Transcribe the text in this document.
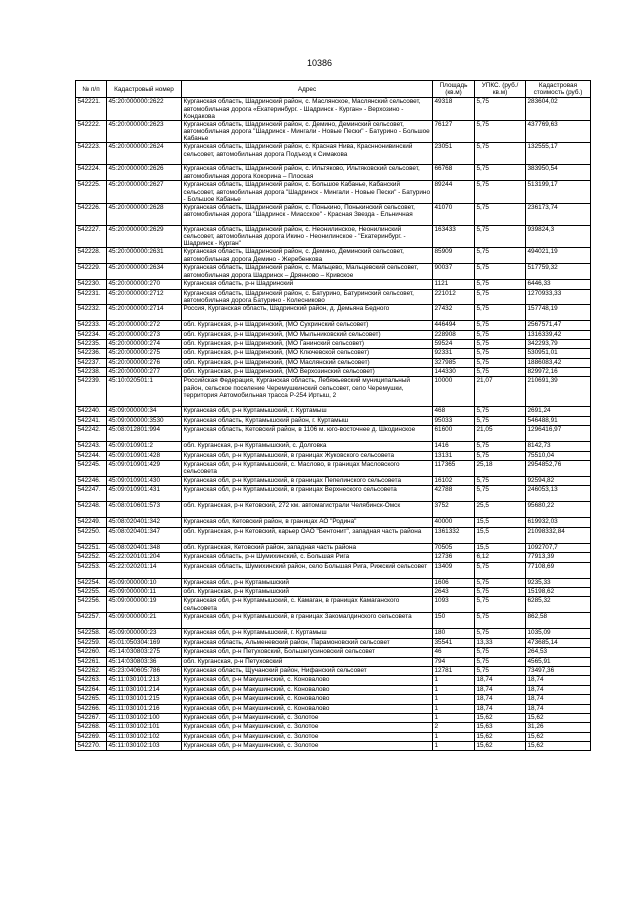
10386
№ п/п	Кадастровый номер	Адрес	Площадь (кв.м)	УПКС. (руб./кв.м)	Кадастровая стоимость (руб.)
542221.	45:20:000000:2622	Курганская область, Шадринский район, с. Маслянское, Маслянский сельсовет, автомобильная дорога «Екатеринбург. - Шадринск - Курган» - Верхозино - Кондакова	49318	5,75	283604,02
542222.	45:20:000000:2623	Курганская область, Шадринский район, с. Демино, Деминский сельсовет, автомобильная дорога "Шадринск - Мингали - Новые Пески" - Батурино - Большое Кабанье	76127	5,75	437769,63
542223.	45:20:000000:2624	Курганская область, Шадринский район, с. Красная Нива, Красннонивинский сельсовет, автомобильная дорога Подъезд к Симакова	23051	5,75	132555,17
542224.	45:20:000000:2626	Курганская область, Шадринский район, с. Ильтяково, Ильтяковский сельсовет, автомобильная дорога Кокорина – Плоская	66768	5,75	383950,54
542225.	45:20:000000:2627	Курганская область, Шадринский район, с. Большое Кабанье, Кабанский сельсовет, автомобильная дорога "Шадринск - Мингали - Новые Пески" - Батурино - Большое Кабанье	89244	5,75	513199,17
542226.	45:20:000000:2628	Курганская область, Шадринский район, с. Понькино, Понькинский сельсовет, автомобильная дорога "Шадринск - Миасское" - Красная Звезда - Ельничная	41070	5,75	236173,74
542227.	45:20:000000:2629	Курганская область, Шадринский район, с. Неонилинское, Неонилинский сельсовет, автомобильная дорога Икино - Неонилинское - "Екатеринбург. - Шадринск - Курган"	163433	5,75	939824,3
542228.	45:20:000000:2631	Курганская область, Шадринский район, с. Демино, Деминский сельсовет, автомобильная дорога Демино - Жеребенкова	85909	5,75	494021,19
542229.	45:20:000000:2634	Курганская область, Шадринский район, с. Мальцево, Мальцевский сельсовет, автомобильная дорога Шадринск – Дрянново – Кривское	90037	5,75	517759,32
542230.	45:20:000000:270	Курганская область, р-н Шадринский	1121	5,75	6446,33
542231.	45:20:000000:2712	Курганская область, Шадринский район, с. Батурино, Батуринский сельсовет, автомобильная дорога Батурино - Колесниково	221012	5,75	1270933,33
542232.	45:20:000000:2714	Россия, Курганская область, Шадринский район, д. Демьяна Бедного	27432	5,75	157748,19
542233.	45:20:000000:272	обл. Курганская, р-н Шадринский, (МО Сухринский сельсовет)	446494	5,75	2567571,47
542234.	45:20:000000:273	обл. Курганская, р-н Шадринский, (МО Мыльниковский сельсовет)	228908	5,75	1316339,42
542235.	45:20:000000:274	обл. Курганская, р-н Шадринский, (МО Ганинский сельсовет)	59524	5,75	342293,79
542236.	45:20:000000:275	обл. Курганская, р-н Шадринский, (МО Ключевской сельсовет)	92331	5,75	530951,01
542237.	45:20:000000:276	обл. Курганская, р-н Шадринский, (МО Маслянский сельсовет)	327985	5,75	1886083,42
542238.	45:20:000000:277	обл. Курганская, р-н Шадринский, (МО Верхозинский сельсовет)	144330	5,75	829972,16
542239.	45:10:020501:1	Российская Федерация, Курганская область, Лебяжьевский муниципальный район, сельское поселение Черемушкинский сельсовет, село Черемушки, территория Автомобильная трасса Р-254 Иртыш, 2	10000	21,07	210691,39
542240.	45:09:000000:34	Курганская обл, р-н Куртамышский, г. Куртамыш	468	5,75	2691,24
542241.	45:09:000000:3530	Курганская область, Куртамышский район, г. Куртамыш	95033	5,75	546488,91
542242.	45:08:012801:994	Курганская область, Кетовский район, в 1106 м. юго-восточнее д. Шкодинское	61600	21,05	1296416,97
542243.	45:09:010901:2	обл. Курганская, р-н Куртамышский, с. Долговка	1416	5,75	8142,73
542244.	45:09:010901:428	Курганская обл, р-н Куртамышский, в границах Жуковского сельсовета	13131	5,75	75510,04
542245.	45:09:010901:429	Курганская обл, р-н Куртамышский, с. Маслово, в границах Масловского сельсовета	117365	25,18	2954852,76
542246.	45:09:010901:430	Курганская обл, р-н Куртамышский, в границах Пепелинского сельсовета	16102	5,75	92594,82
542247.	45:09:010901:431	Курганская обл, р-н Куртамышский, в границах Верхнеского сельсовета	42788	5,75	246053,13
542248.	45:08:010601:573	обл. Курганская, р-н Кетовский, 272 км. автомагистрали Челябинск-Омск	3752	25,5	95680,22
542249.	45:08:020401:342	Курганская обл, Кетовский район, в границах АО "Родина"	40000	15,5	619932,03
542250.	45:08:020401:347	обл. Курганская, р-н Кетовский, карьер ОАО "Бентонит", западная часть района	1361332	15,5	21098332,84
542251.	45:08:020401:348	обл. Курганская, Кетовский район, западная часть района	70505	15,5	1092707,7
542252.	45:22:020101:204	Курганская область, р-н Шумихинский, с. Большая Рига	12736	6,12	77913,39
542253.	45:22:020201:14	Курганская область, Шумихинский район, село Большая Рига, Рижский сельсовет	13409	5,75	77108,69
542254.	45:09:000000:10	Курганская обл., р-н Куртамышский	1606	5,75	9235,33
542255.	45:09:000000:11	обл. Курганская, р-н Куртамышский	2643	5,75	15198,62
542256.	45:09:000000:19	Курганская обл, р-н Куртамышский, с. Камаган, в границах Камаганского сельсовета	1093	5,75	6285,32
542257.	45:09:000000:21	Курганская обл, р-н Куртамышский, в границах Закомалдинского сельсовета	150	5,75	862,58
542258.	45:09:000000:23	Курганская обл, р-н Куртамышский, г. Куртамыш	180	5,75	1035,09
542259.	45:01:050304:169	Курганская область, Альменевский район, Парамоновский сельсовет	35541	13,33	473685,14
542260.	45:14:030803:275	Курганская обл, р-н Петуховский, Большегусиновский сельсовет	46	5,75	264,53
542261.	45:14:030803:36	обл. Курганская, р-н Петуховский	794	5,75	4565,91
542262.	45:23:040605:786	Курганская область, Щучанский район, Нифанский сельсовет	12781	5,75	73497,36
542263.	45:11:030101:213	Курганская обл, р-н Макушинский, с. Коновалово	1	18,74	18,74
542264.	45:11:030101:214	Курганская обл, р-н Макушинский, с. Коновалово	1	18,74	18,74
542265.	45:11:030101:215	Курганская обл, р-н Макушинский, с. Коновалово	1	18,74	18,74
542266.	45:11:030101:216	Курганская обл, р-н Макушинский, с. Коновалово	1	18,74	18,74
542267.	45:11:030102:100	Курганская обл, р-н Макушинский, с. Золотое	1	15,62	15,62
542268.	45:11:030102:101	Курганская обл, р-н Макушинский, с. Золотое	2	15,63	31,26
542269.	45:11:030102:102	Курганская обл, р-н Макушинский, с. Золотое	1	15,62	15,62
542270.	45:11:030102:103	Курганская обл, р-н Макушинский, с. Золотое	1	15,62	15,62
